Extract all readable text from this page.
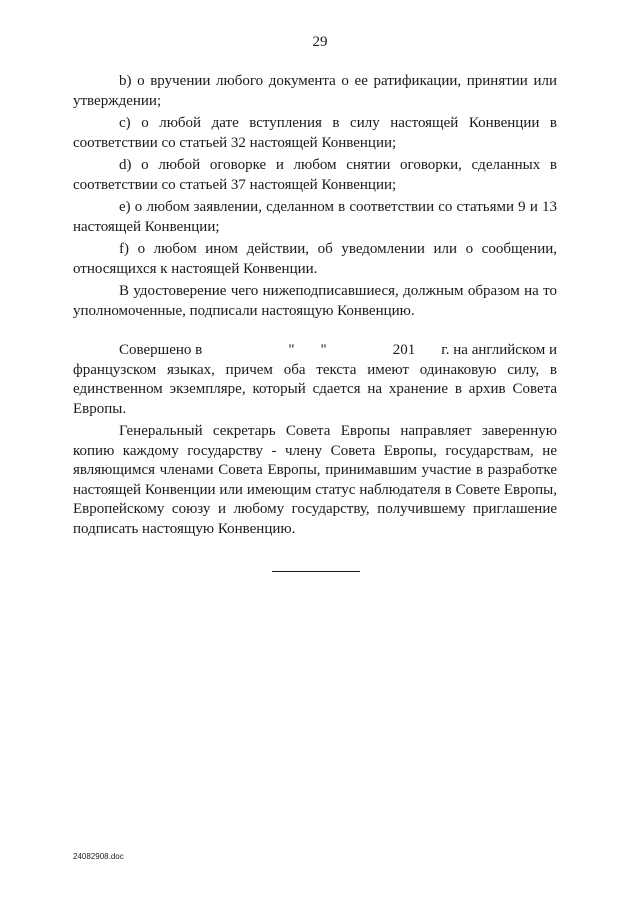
29

b) о вручении любого документа о ее ратификации, принятии или утверждении;

с) о любой дате вступления в силу настоящей Конвенции в соответствии со статьей 32 настоящей Конвенции;

d) о любой оговорке и любом снятии оговорки, сделанных в соответствии со статьей 37 настоящей Конвенции;

е) о любом заявлении, сделанном в соответствии со статьями 9 и 13 настоящей Конвенции;

f) о любом ином действии, об уведомлении или о сообщении, относящихся к настоящей Конвенции.

В удостоверение чего нижеподписавшиеся, должным образом на то уполномоченные, подписали настоящую Конвенцию.

Совершено в	" "	201 г. на английском и

французском языках, причем оба текста имеют одинаковую силу, в единственном экземпляре, который сдается на хранение в архив Совета Европы.

Генеральный секретарь Совета Европы направляет заверенную копию каждому государству - члену Совета Европы, государствам, не являющимся членами Совета Европы, принимавшим участие в разработке настоящей Конвенции или имеющим статус наблюдателя в Совете Европы, Европейскому союзу и любому государству, получившему приглашение подписать настоящую Конвенцию.

24082908.doc
